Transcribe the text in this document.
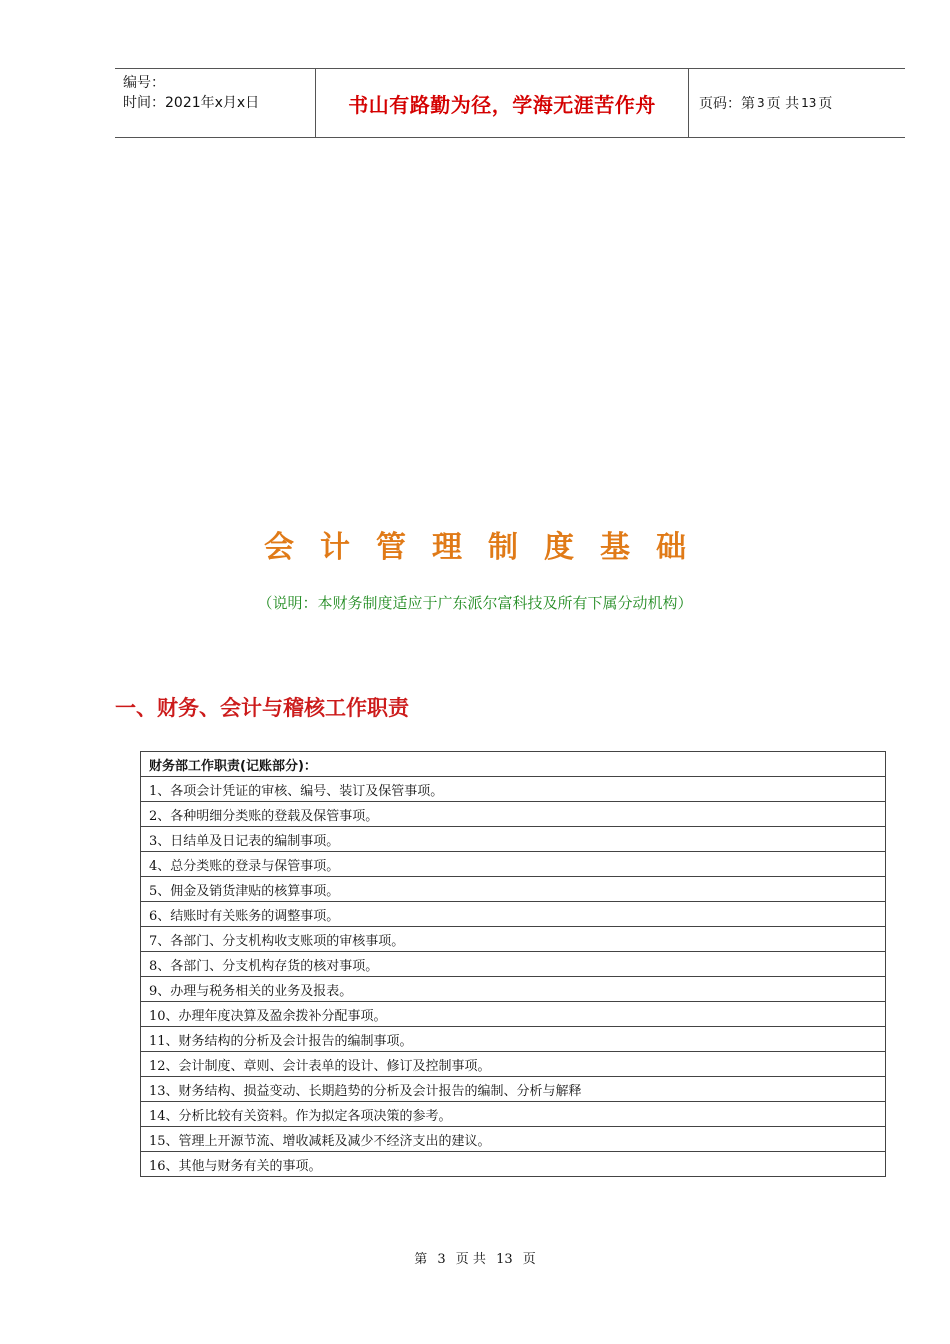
编号：
时间：2021年x月x日	书山有路勤为径，学海无涯苦作舟	页码：第 3 页 共 13 页
会计管理制度基础
（说明：本财务制度适应于广东派尔富科技及所有下属分动机构）
一、财务、会计与稽核工作职责
财务部工作职责(记账部分)：
1、各项会计凭证的审核、编号、装订及保管事项。
2、各种明细分类账的登载及保管事项。
3、日结单及日记表的编制事项。
4、总分类账的登录与保管事项。
5、佣金及销货津贴的核算事项。
6、结账时有关账务的调整事项。
7、各部门、分支机构收支账项的审核事项。
8、各部门、分支机构存货的核对事项。
9、办理与税务相关的业务及报表。
10、办理年度决算及盈余拨补分配事项。
11、财务结构的分析及会计报告的编制事项。
12、会计制度、章则、会计表单的设计、修订及控制事项。
13、财务结构、损益变动、长期趋势的分析及会计报告的编制、分析与解释
14、分析比较有关资料。作为拟定各项决策的参考。
15、管理上开源节流、增收减耗及减少不经济支出的建议。
16、其他与财务有关的事项。
第 3 页 共 13 页
